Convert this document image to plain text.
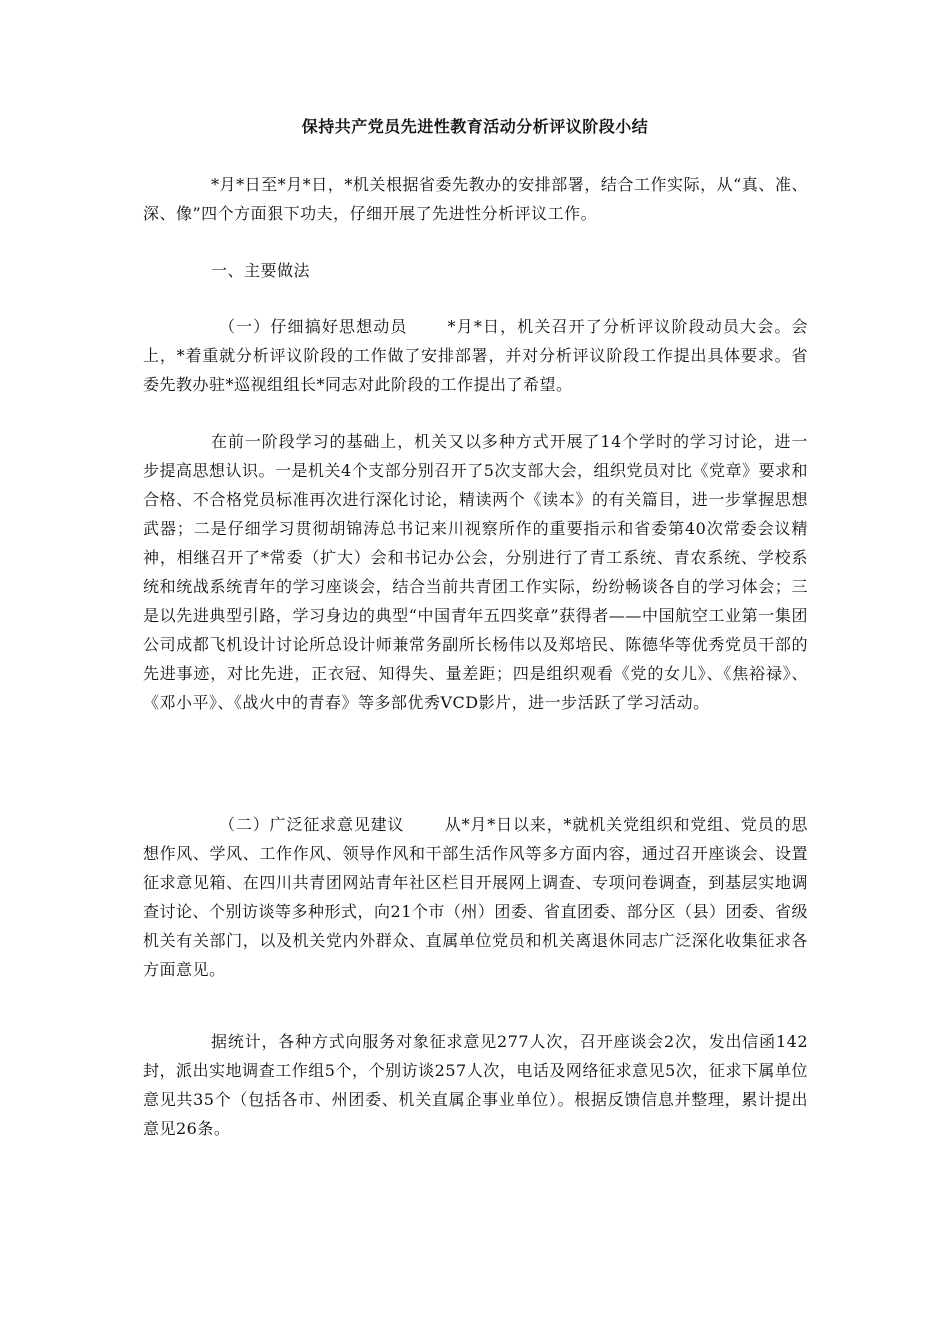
保持共产党员先进性教育活动分析评议阶段小结

*月*日至*月*日，*机关根据省委先教办的安排部署，结合工作实际，从“真、准、深、像”四个方面狠下功夫，仔细开展了先进性分析评议工作。

一、主要做法

（一）仔细搞好思想动员	*月*日，机关召开了分析评议阶段动员大会。会上，*着重就分析评议阶段的工作做了安排部署，并对分析评议阶段工作提出具体要求。省委先教办驻*巡视组组长*同志对此阶段的工作提出了希望。

在前一阶段学习的基础上，机关又以多种方式开展了14个学时的学习讨论，进一步提高思想认识。一是机关4个支部分别召开了5次支部大会，组织党员对比《党章》要求和合格、不合格党员标准再次进行深化讨论，精读两个《读本》的有关篇目，进一步掌握思想武器；二是仔细学习贯彻胡锦涛总书记来川视察所作的重要指示和省委第40次常委会议精神，相继召开了*常委（扩大）会和书记办公会，分别进行了青工系统、青农系统、学校系统和统战系统青年的学习座谈会，结合当前共青团工作实际，纷纷畅谈各自的学习体会；三是以先进典型引路，学习身边的典型“中国青年五四奖章”获得者——中国航空工业第一集团公司成都飞机设计讨论所总设计师兼常务副所长杨伟以及郑培民、陈德华等优秀党员干部的先进事迹，对比先进，正衣冠、知得失、量差距；四是组织观看《党的女儿》、《焦裕禄》、《邓小平》、《战火中的青春》等多部优秀VCD影片，进一步活跃了学习活动。

（二）广泛征求意见建议	从*月*日以来，*就机关党组织和党组、党员的思想作风、学风、工作作风、领导作风和干部生活作风等多方面内容，通过召开座谈会、设置征求意见箱、在四川共青团网站青年社区栏目开展网上调查、专项问卷调查，到基层实地调查讨论、个别访谈等多种形式，向21个市（州）团委、省直团委、部分区（县）团委、省级机关有关部门，以及机关党内外群众、直属单位党员和机关离退休同志广泛深化收集征求各方面意见。

据统计，各种方式向服务对象征求意见277人次，召开座谈会2次，发出信函142封，派出实地调查工作组5个，个别访谈257人次，电话及网络征求意见5次，征求下属单位意见共35个（包括各市、州团委、机关直属企事业单位）。根据反馈信息并整理，累计提出意见26条。
